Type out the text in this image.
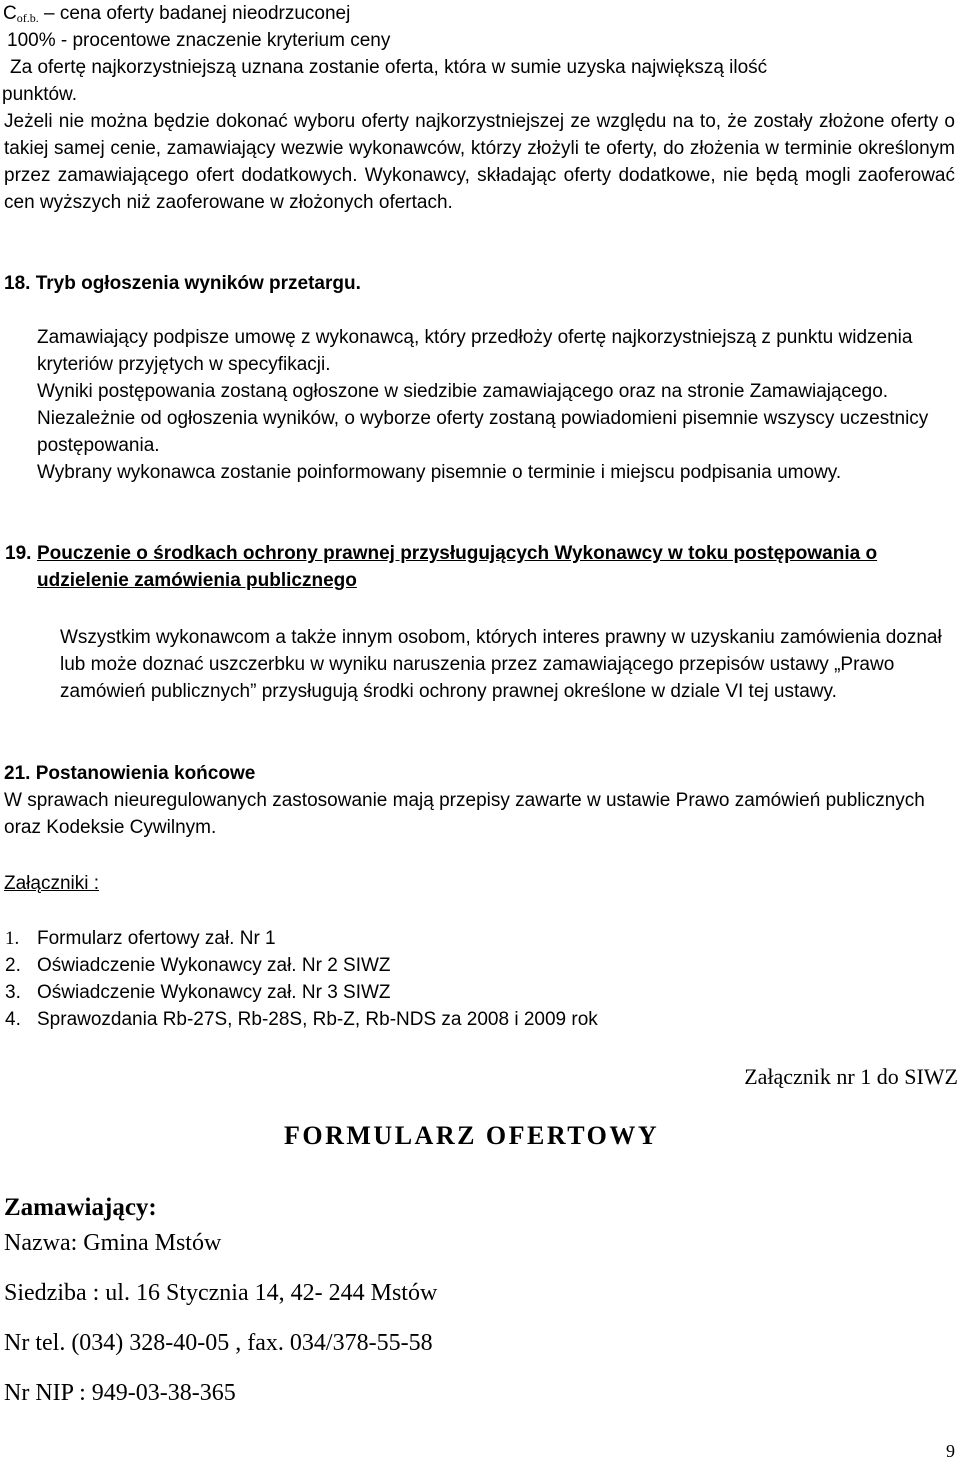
$C_{of.b.}$ – cena oferty badanej nieodrzuconej
100% - procentowe znaczenie kryterium ceny
Za ofertę najkorzystniejszą uznana zostanie oferta, która w sumie uzyska największą ilość
punktów.
Jeżeli nie można będzie dokonać wyboru oferty najkorzystniejszej ze względu na to, że zostały złożone oferty o takiej samej cenie, zamawiający wezwie wykonawców, którzy złożyli te oferty, do złożenia w terminie określonym przez zamawiającego ofert dodatkowych. Wykonawcy, składając oferty dodatkowe, nie będą mogli zaoferować cen wyższych niż zaoferowane w złożonych ofertach.
18. Tryb ogłoszenia wyników przetargu.
Zamawiający podpisze umowę z wykonawcą, który przedłoży ofertę najkorzystniejszą z punktu widzenia kryteriów przyjętych w specyfikacji.
Wyniki postępowania zostaną ogłoszone w siedzibie zamawiającego oraz na stronie Zamawiającego. Niezależnie od ogłoszenia wyników, o wyborze oferty zostaną powiadomieni pisemnie wszyscy uczestnicy postępowania.
Wybrany wykonawca zostanie poinformowany pisemnie o terminie i miejscu podpisania umowy.
19. Pouczenie o środkach ochrony prawnej przysługujących Wykonawcy w toku postępowania o udzielenie zamówienia publicznego
Wszystkim wykonawcom a także innym osobom, których interes prawny w uzyskaniu zamówienia doznał lub może doznać uszczerbku w wyniku naruszenia przez zamawiającego przepisów ustawy „Prawo zamówień publicznych” przysługują środki ochrony prawnej określone w dziale VI tej ustawy.
21. Postanowienia końcowe
W sprawach nieuregulowanych zastosowanie mają przepisy zawarte w ustawie Prawo zamówień publicznych oraz Kodeksie Cywilnym.
Załączniki :
1. Formularz ofertowy zał. Nr 1
2. Oświadczenie Wykonawcy zał. Nr 2 SIWZ
3. Oświadczenie Wykonawcy zał. Nr 3 SIWZ
4. Sprawozdania Rb-27S, Rb-28S, Rb-Z, Rb-NDS za 2008 i 2009 rok
Załącznik nr 1 do SIWZ
FORMULARZ OFERTOWY
Zamawiający:
Nazwa: Gmina Mstów
Siedziba : ul. 16 Stycznia 14, 42- 244 Mstów
Nr tel. (034) 328-40-05 , fax. 034/378-55-58
Nr NIP : 949-03-38-365
9
